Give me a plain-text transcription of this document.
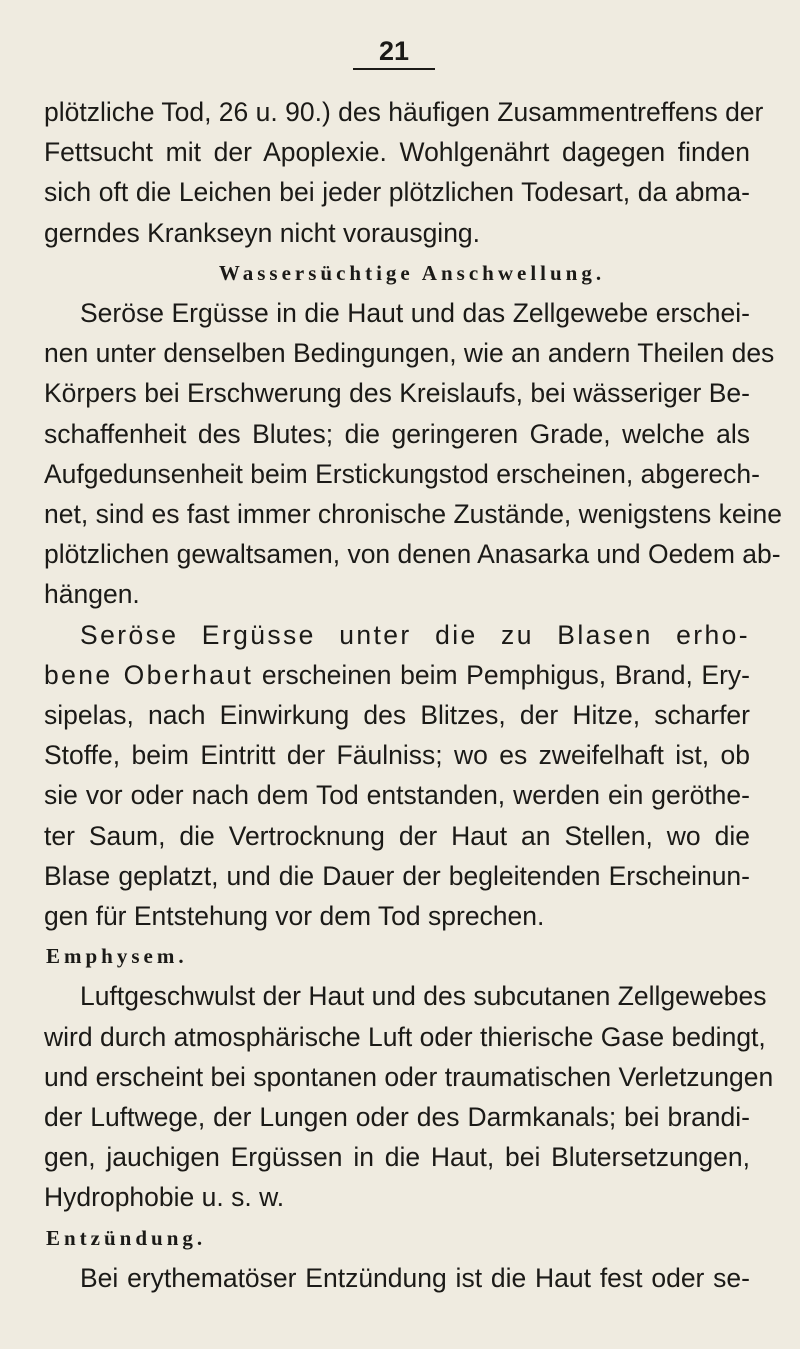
21
plötzliche Tod, 26 u. 90.) des häufigen Zusammentreffens der
Fettsucht mit der Apoplexie. Wohlgenährt dagegen finden
sich oft die Leichen bei jeder plötzlichen Todesart, da abma-
gerndes Krankseyn nicht vorausging.
Wassersüchtige Anschwellung.
Seröse Ergüsse in die Haut und das Zellgewebe erschei-
nen unter denselben Bedingungen, wie an andern Theilen des
Körpers bei Erschwerung des Kreislaufs, bei wässeriger Be-
schaffenheit des Blutes; die geringeren Grade, welche als
Aufgedunsenheit beim Erstickungstod erscheinen, abgerech-
net, sind es fast immer chronische Zustände, wenigstens keine
plötzlichen gewaltsamen, von denen Anasarka und Oedem ab-
hängen.
Seröse Ergüsse unter die zu Blasen erho-
bene Oberhaut erscheinen beim Pemphigus, Brand, Ery-
sipelas, nach Einwirkung des Blitzes, der Hitze, scharfer
Stoffe, beim Eintritt der Fäulniss; wo es zweifelhaft ist, ob
sie vor oder nach dem Tod entstanden, werden ein geröthe-
ter Saum, die Vertrocknung der Haut an Stellen, wo die
Blase geplatzt, und die Dauer der begleitenden Erscheinun-
gen für Entstehung vor dem Tod sprechen.
Emphysem.
Luftgeschwulst der Haut und des subcutanen Zellgewebes
wird durch atmosphärische Luft oder thierische Gase bedingt,
und erscheint bei spontanen oder traumatischen Verletzungen
der Luftwege, der Lungen oder des Darmkanals; bei brandi-
gen, jauchigen Ergüssen in die Haut, bei Blutersetzungen,
Hydrophobie u. s. w.
Entzündung.
Bei erythematöser Entzündung ist die Haut fest oder se-
